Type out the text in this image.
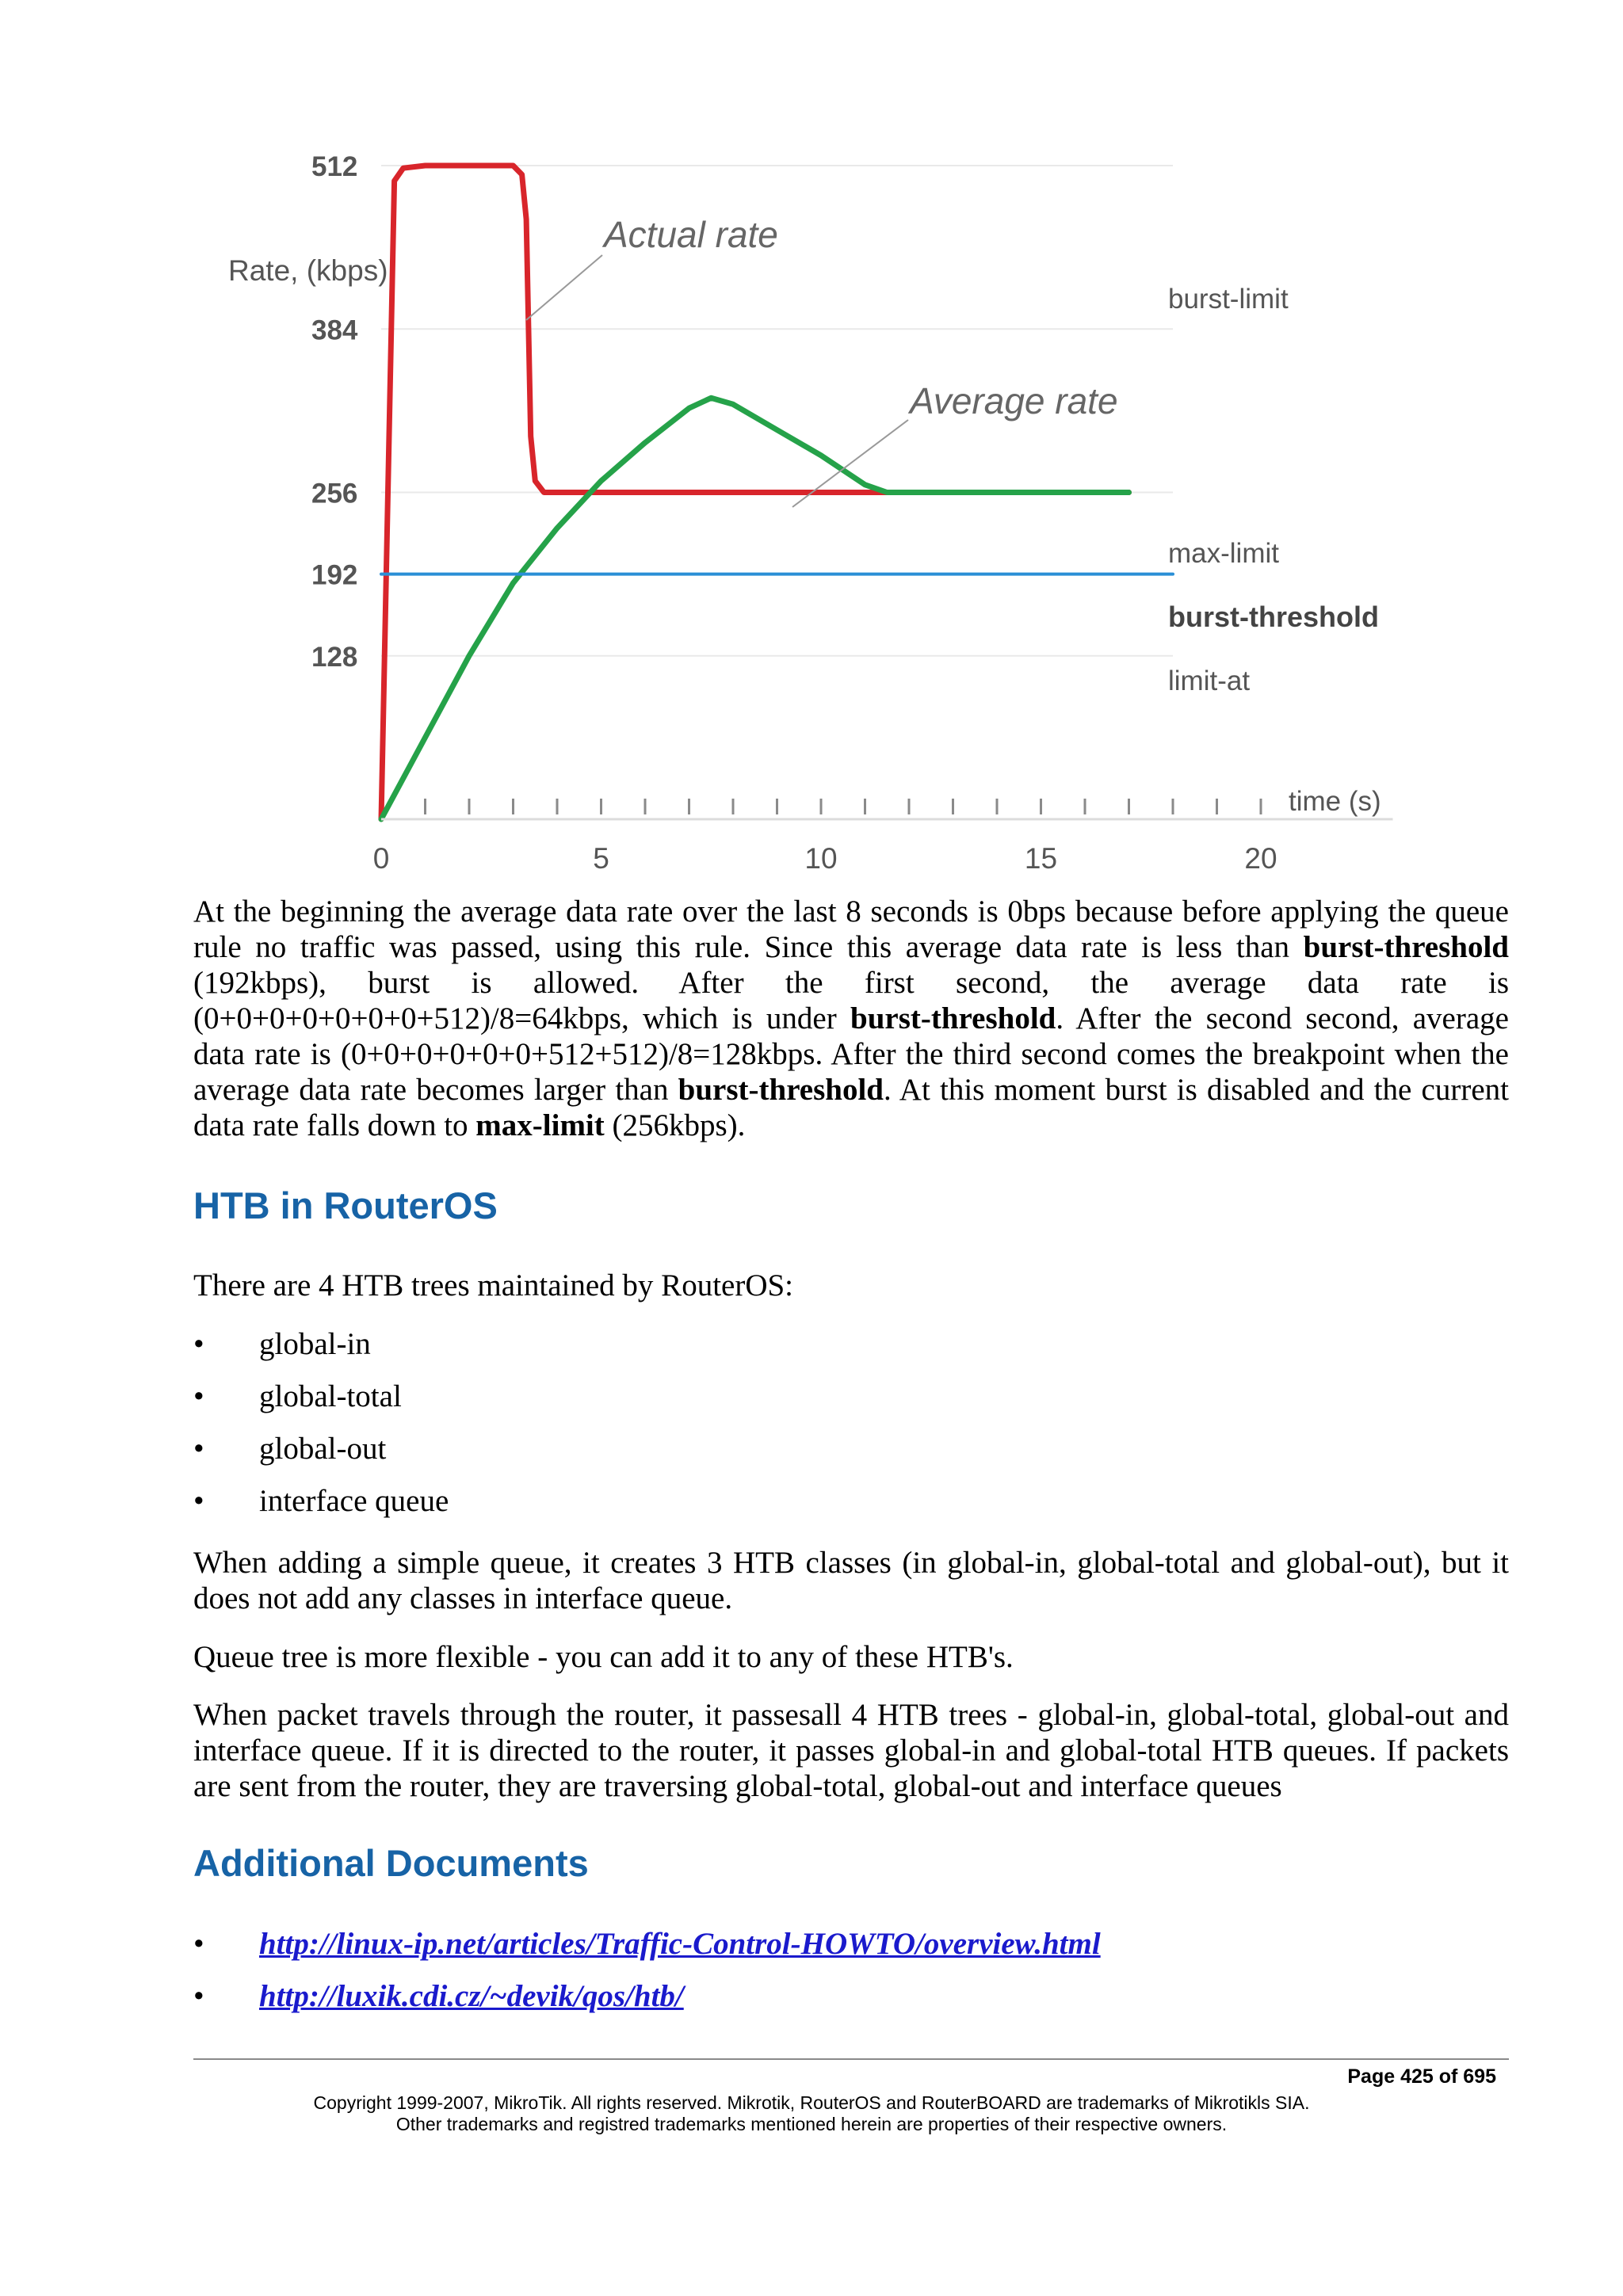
512
384
256
192
128
0	5	10	15	20
Rate, (kbps)
time (s)
Actual rate
Average rate
burst-limit
max-limit
burst-threshold
limit-at

At the beginning the average data rate over the last 8 seconds is 0bps because before applying the queue rule no traffic was passed, using this rule. Since this average data rate is less than burst-threshold (192kbps), burst is allowed. After the first second, the average data rate is (0+0+0+0+0+0+0+512)/8=64kbps, which is under burst-threshold. After the second second, average data rate is (0+0+0+0+0+0+512+512)/8=128kbps. After the third second comes the breakpoint when the average data rate becomes larger than burst-threshold. At this moment burst is disabled and the current data rate falls down to max-limit (256kbps).

HTB in RouterOS

There are 4 HTB trees maintained by RouterOS:

• global-in
• global-total
• global-out
• interface queue

When adding a simple queue, it creates 3 HTB classes (in global-in, global-total and global-out), but it does not add any classes in interface queue.

Queue tree is more flexible - you can add it to any of these HTB's.

When packet travels through the router, it passesall 4 HTB trees - global-in, global-total, global-out and interface queue. If it is directed to the router, it passes global-in and global-total HTB queues. If packets are sent from the router, they are traversing global-total, global-out and interface queues

Additional Documents
• http://linux-ip.net/articles/Traffic-Control-HOWTO/overview.html
• http://luxik.cdi.cz/~devik/qos/htb/
Page 425 of 695
Copyright 1999-2007, MikroTik. All rights reserved. Mikrotik, RouterOS and RouterBOARD are trademarks of Mikrotikls SIA.
Other trademarks and registred trademarks mentioned herein are properties of their respective owners.
